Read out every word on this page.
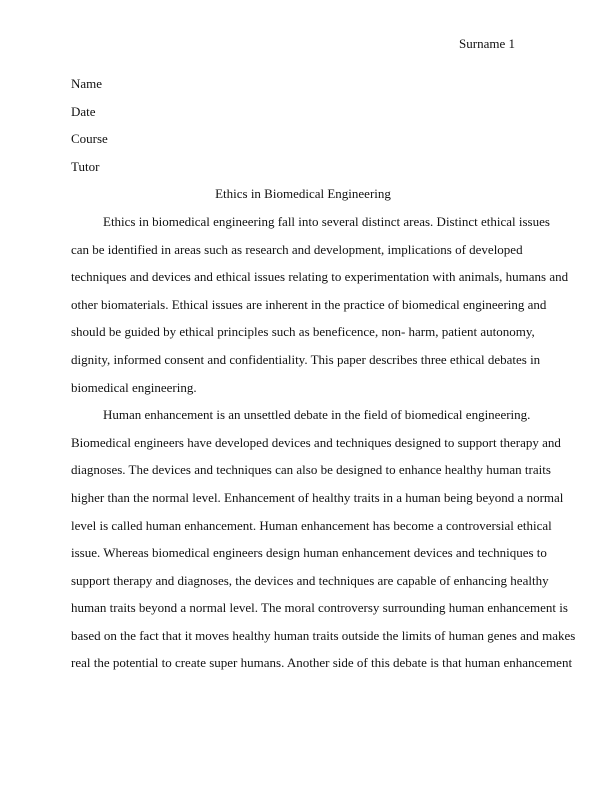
Surname 1
Name
Date
Course
Tutor
Ethics in Biomedical Engineering
Ethics in biomedical engineering fall into several distinct areas. Distinct ethical issues
can be identified in areas such as research and development, implications of developed
techniques and devices and ethical issues relating to experimentation with animals, humans and
other biomaterials. Ethical issues are inherent in the practice of biomedical engineering and
should be guided by ethical principles such as beneficence, non- harm, patient autonomy,
dignity, informed consent and confidentiality. This paper describes three ethical debates in
biomedical engineering.
Human enhancement is an unsettled debate in the field of biomedical engineering.
Biomedical engineers have developed devices and techniques designed to support therapy and
diagnoses. The devices and techniques can also be designed to enhance healthy human traits
higher than the normal level. Enhancement of healthy traits in a human being beyond a normal
level is called human enhancement. Human enhancement has become a controversial ethical
issue. Whereas biomedical engineers design human enhancement devices and techniques to
support therapy and diagnoses, the devices and techniques are capable of enhancing healthy
human traits beyond a normal level. The moral controversy surrounding human enhancement is
based on the fact that it moves healthy human traits outside the limits of human genes and makes
real the potential to create super humans. Another side of this debate is that human enhancement
